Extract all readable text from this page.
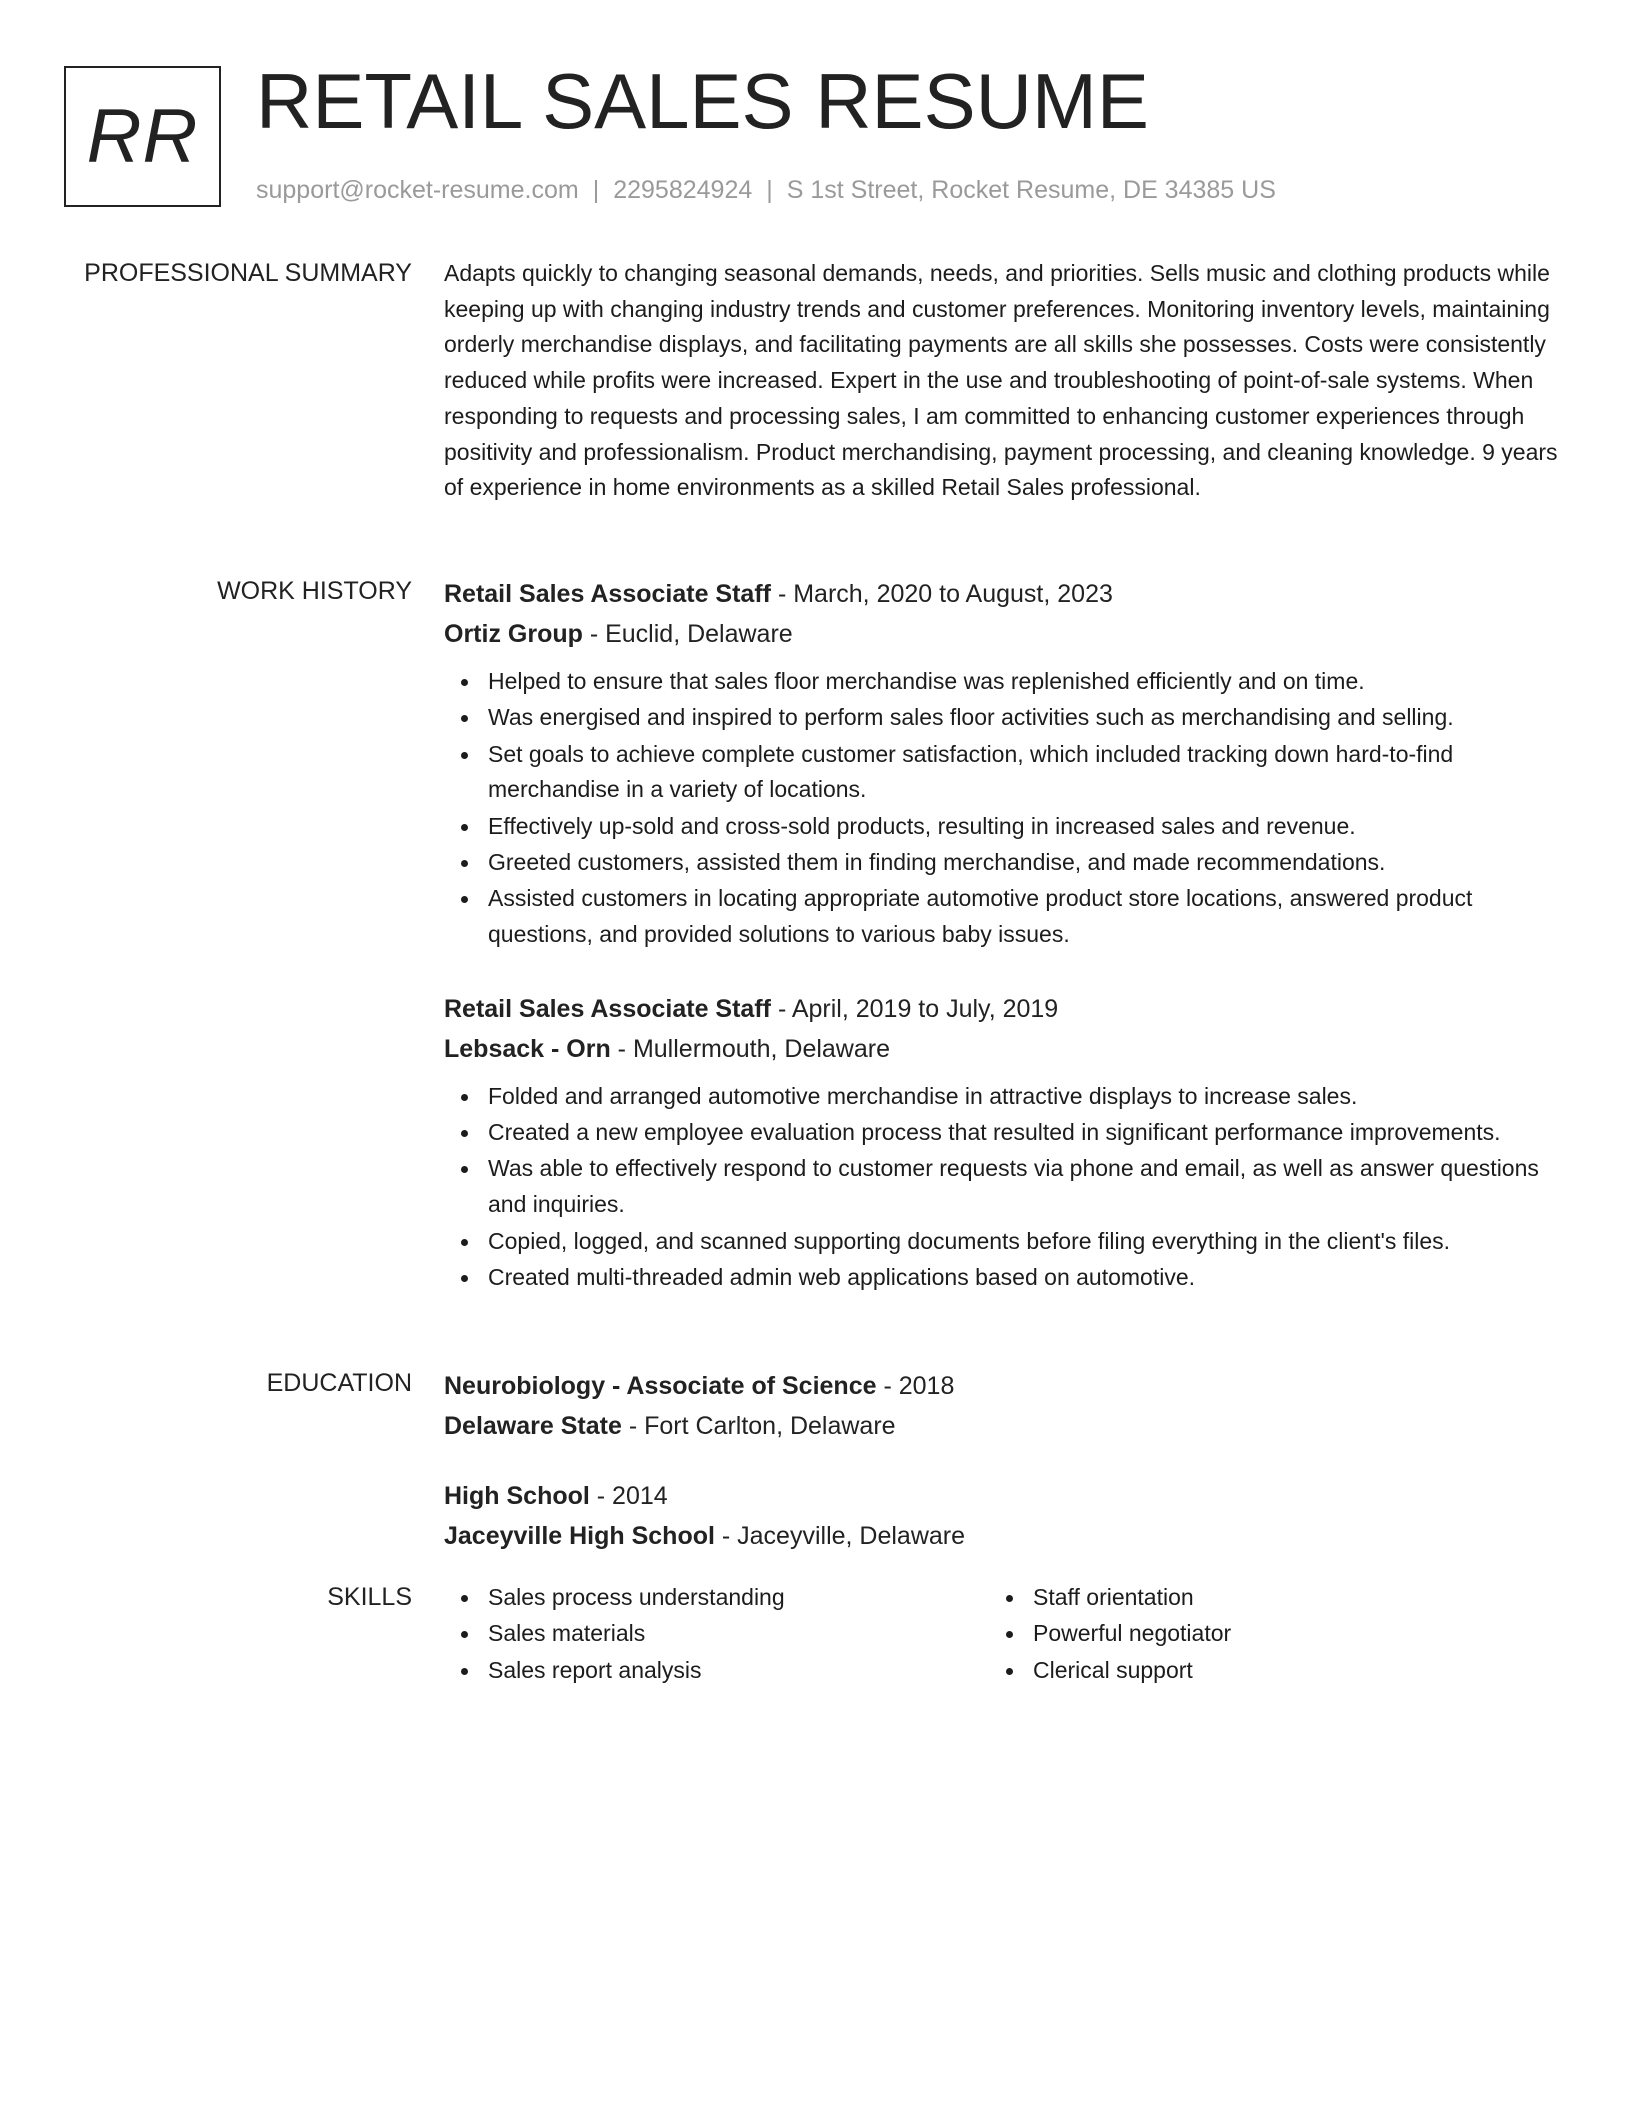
RR RETAIL SALES RESUME
support@rocket-resume.com | 2295824924 | S 1st Street, Rocket Resume, DE 34385 US
PROFESSIONAL SUMMARY Adapts quickly to changing seasonal demands, needs, and priorities. Sells music and clothing products while keeping up with changing industry trends and customer preferences. Monitoring inventory levels, maintaining orderly merchandise displays, and facilitating payments are all skills she possesses. Costs were consistently reduced while profits were increased. Expert in the use and troubleshooting of point-of-sale systems. When responding to requests and processing sales, I am committed to enhancing customer experiences through positivity and professionalism. Product merchandising, payment processing, and cleaning knowledge. 9 years of experience in home environments as a skilled Retail Sales professional.

WORK HISTORY Retail Sales Associate Staff - March, 2020 to August, 2023
Ortiz Group - Euclid, Delaware
Helped to ensure that sales floor merchandise was replenished efficiently and on time.
Was energised and inspired to perform sales floor activities such as merchandising and selling.
Set goals to achieve complete customer satisfaction, which included tracking down hard-to-find merchandise in a variety of locations.
Effectively up-sold and cross-sold products, resulting in increased sales and revenue.
Greeted customers, assisted them in finding merchandise, and made recommendations.
Assisted customers in locating appropriate automotive product store locations, answered product questions, and provided solutions to various baby issues.
Retail Sales Associate Staff - April, 2019 to July, 2019
Lebsack - Orn - Mullermouth, Delaware
Folded and arranged automotive merchandise in attractive displays to increase sales.
Created a new employee evaluation process that resulted in significant performance improvements.
Was able to effectively respond to customer requests via phone and email, as well as answer questions and inquiries.
Copied, logged, and scanned supporting documents before filing everything in the client's files.
Created multi-threaded admin web applications based on automotive.
EDUCATION Neurobiology - Associate of Science - 2018
Delaware State - Fort Carlton, Delaware
High School - 2014
Jaceyville High School - Jaceyville, Delaware
SKILLS	Sales process understanding
Sales materials
Sales report analysis
Staff orientation
Powerful negotiator
Clerical support
